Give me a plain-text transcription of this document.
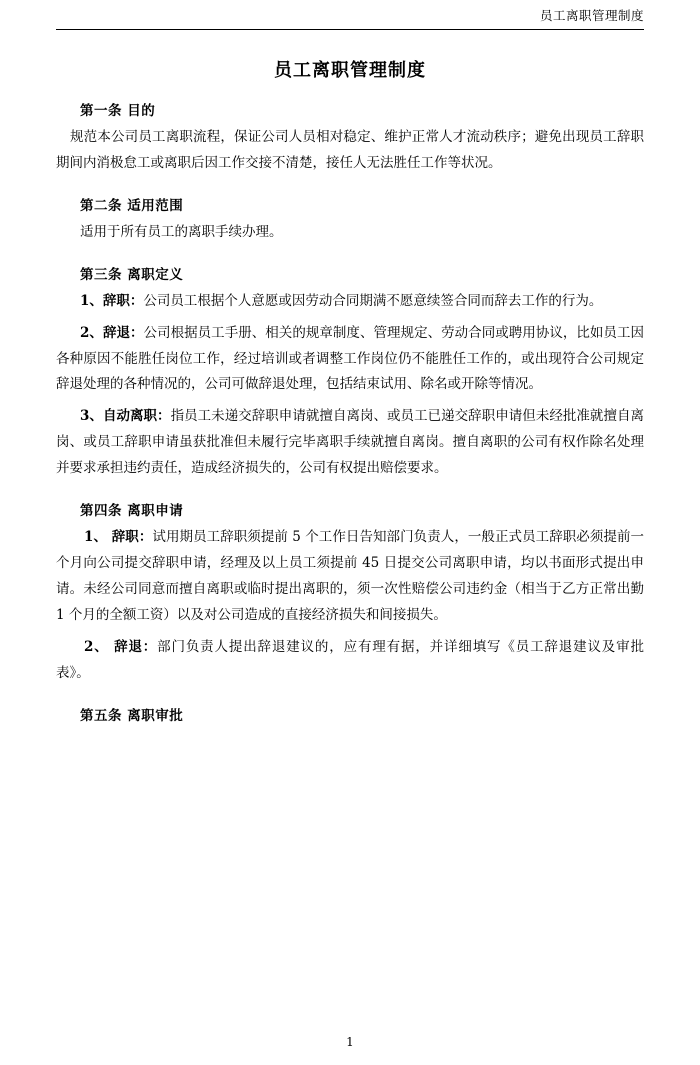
员工离职管理制度
员工离职管理制度
第一条 目的
规范本公司员工离职流程，保证公司人员相对稳定、维护正常人才流动秩序；避免出现员工辞职期间内消极怠工或离职后因工作交接不清楚，接任人无法胜任工作等状况。
第二条 适用范围
适用于所有员工的离职手续办理。
第三条 离职定义
1、辞职：公司员工根据个人意愿或因劳动合同期满不愿意续签合同而辞去工作的行为。
2、辞退：公司根据员工手册、相关的规章制度、管理规定、劳动合同或聘用协议，比如员工因各种原因不能胜任岗位工作，经过培训或者调整工作岗位仍不能胜任工作的，或出现符合公司规定辞退处理的各种情况的，公司可做辞退处理，包括结束试用、除名或开除等情况。
3、自动离职：指员工未递交辞职申请就擅自离岗、或员工已递交辞职申请但未经批准就擅自离岗、或员工辞职申请虽获批准但未履行完毕离职手续就擅自离岗。擅自离职的公司有权作除名处理并要求承担违约责任，造成经济损失的，公司有权提出赔偿要求。
第四条 离职申请
1、 辞职：试用期员工辞职须提前 5 个工作日告知部门负责人，一般正式员工辞职必须提前一个月向公司提交辞职申请，经理及以上员工须提前 45 日提交公司离职申请，均以书面形式提出申请。未经公司同意而擅自离职或临时提出离职的，须一次性赔偿公司违约金（相当于乙方正常出勤 1 个月的全额工资）以及对公司造成的直接经济损失和间接损失。
2、 辞退：部门负责人提出辞退建议的，应有理有据，并详细填写《员工辞退建议及审批表》。
第五条 离职审批
1
